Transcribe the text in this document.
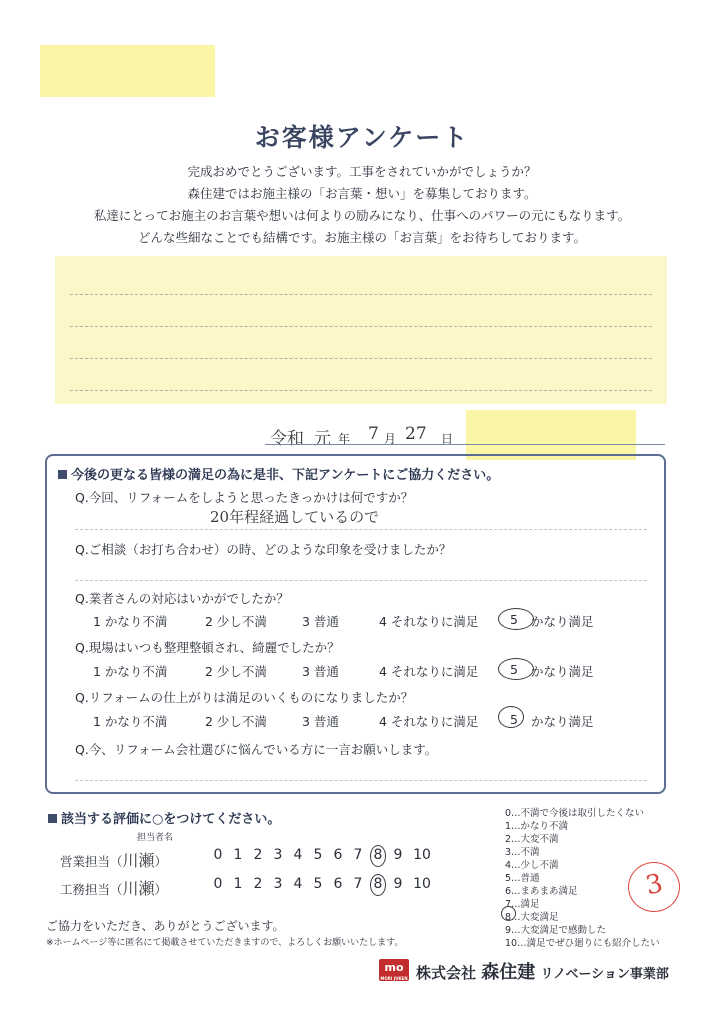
お客様アンケート
完成おめでとうございます。工事をされていかがでしょうか？
森住建ではお施主様の「お言葉・想い」を募集しております。
私達にとってお施主のお言葉や想いは何よりの励みになり、仕事へのパワーの元にもなります。
どんな些細なことでも結構です。お施主様の「お言葉」をお待ちしております。
令和 元 年 7 月 27 日
今後の更なる皆様の満足の為に是非、下記アンケートにご協力ください。
Q.今回、リフォームをしようと思ったきっかけは何ですか？
20年程経過しているので
Q.ご相談（お打ち合わせ）の時、どのような印象を受けましたか？
Q.業者さんの対応はいかがでしたか？
1 かなり不満	2 少し不満	3 普通	4 それなりに満足	5 かなり満足
Q.現場はいつも整理整頓され、綺麗でしたか？
1 かなり不満	2 少し不満	3 普通	4 それなりに満足	5 かなり満足
Q.リフォームの仕上がりは満足のいくものになりましたか？
1 かなり不満	2 少し不満	3 普通	4 それなりに満足	5 かなり満足
Q.今、リフォーム会社選びに悩んでいる方に一言お願いします。
該当する評価に○をつけてください。
担当者名
営業担当（川瀬）	0 1 2 3 4 5 6 7 8 9 10
工務担当（川瀬）	0 1 2 3 4 5 6 7 8 9 10
0…不満で今後は取引したくない
1…かなり不満
2…大変不満
3…不満
4…少し不満
5…普通
6…まあまあ満足
7…満足
8…大変満足
9…大変満足で感動した
10…満足でぜひ廻りにも紹介したい
3
ご協力をいただき、ありがとうございます。
※ホームページ等に匿名にて掲載させていただきますので、よろしくお願いいたします。
mo
MORI JUKEN 株式会社 森住建 リノベーション事業部
